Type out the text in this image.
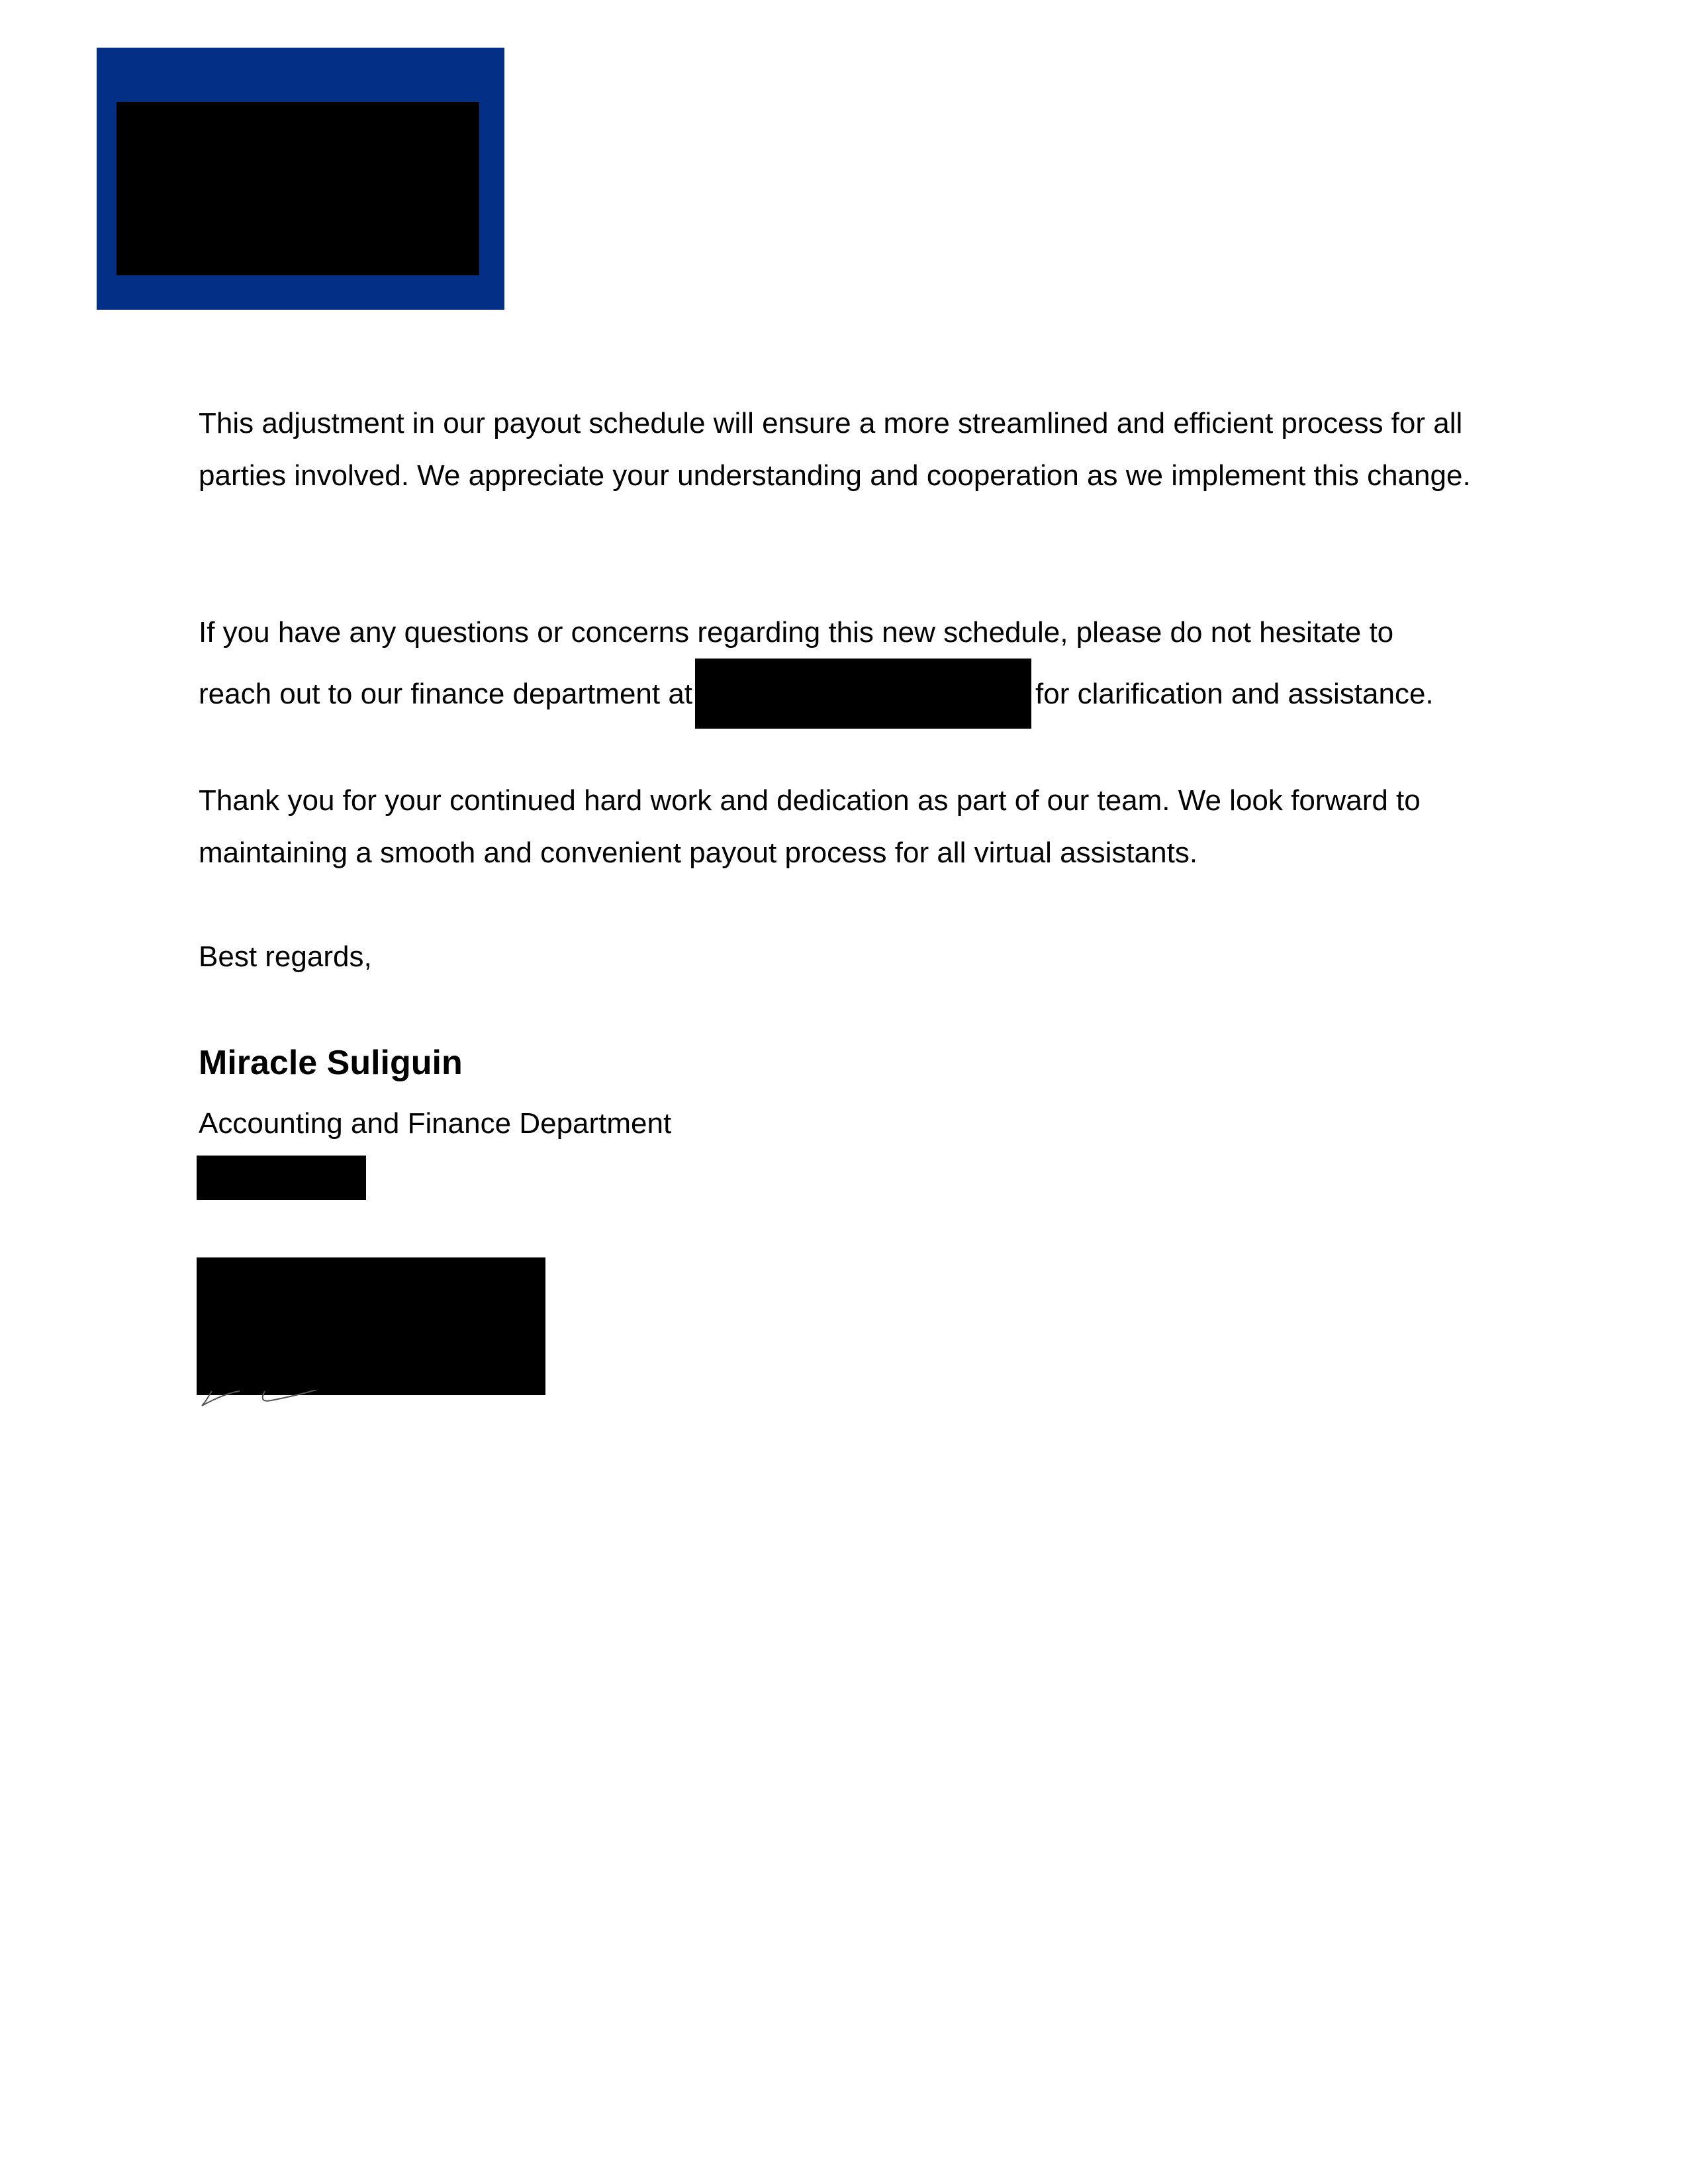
This adjustment in our payout schedule will ensure a more streamlined and efficient process for all parties involved. We appreciate your understanding and cooperation as we implement this change.

If you have any questions or concerns regarding this new schedule, please do not hesitate to

reach out to our finance department at	for clarification and assistance.

Thank you for your continued hard work and dedication as part of our team. We look forward to maintaining a smooth and convenient payout process for all virtual assistants.

Best regards,

Miracle Suliguin
Accounting and Finance Department
